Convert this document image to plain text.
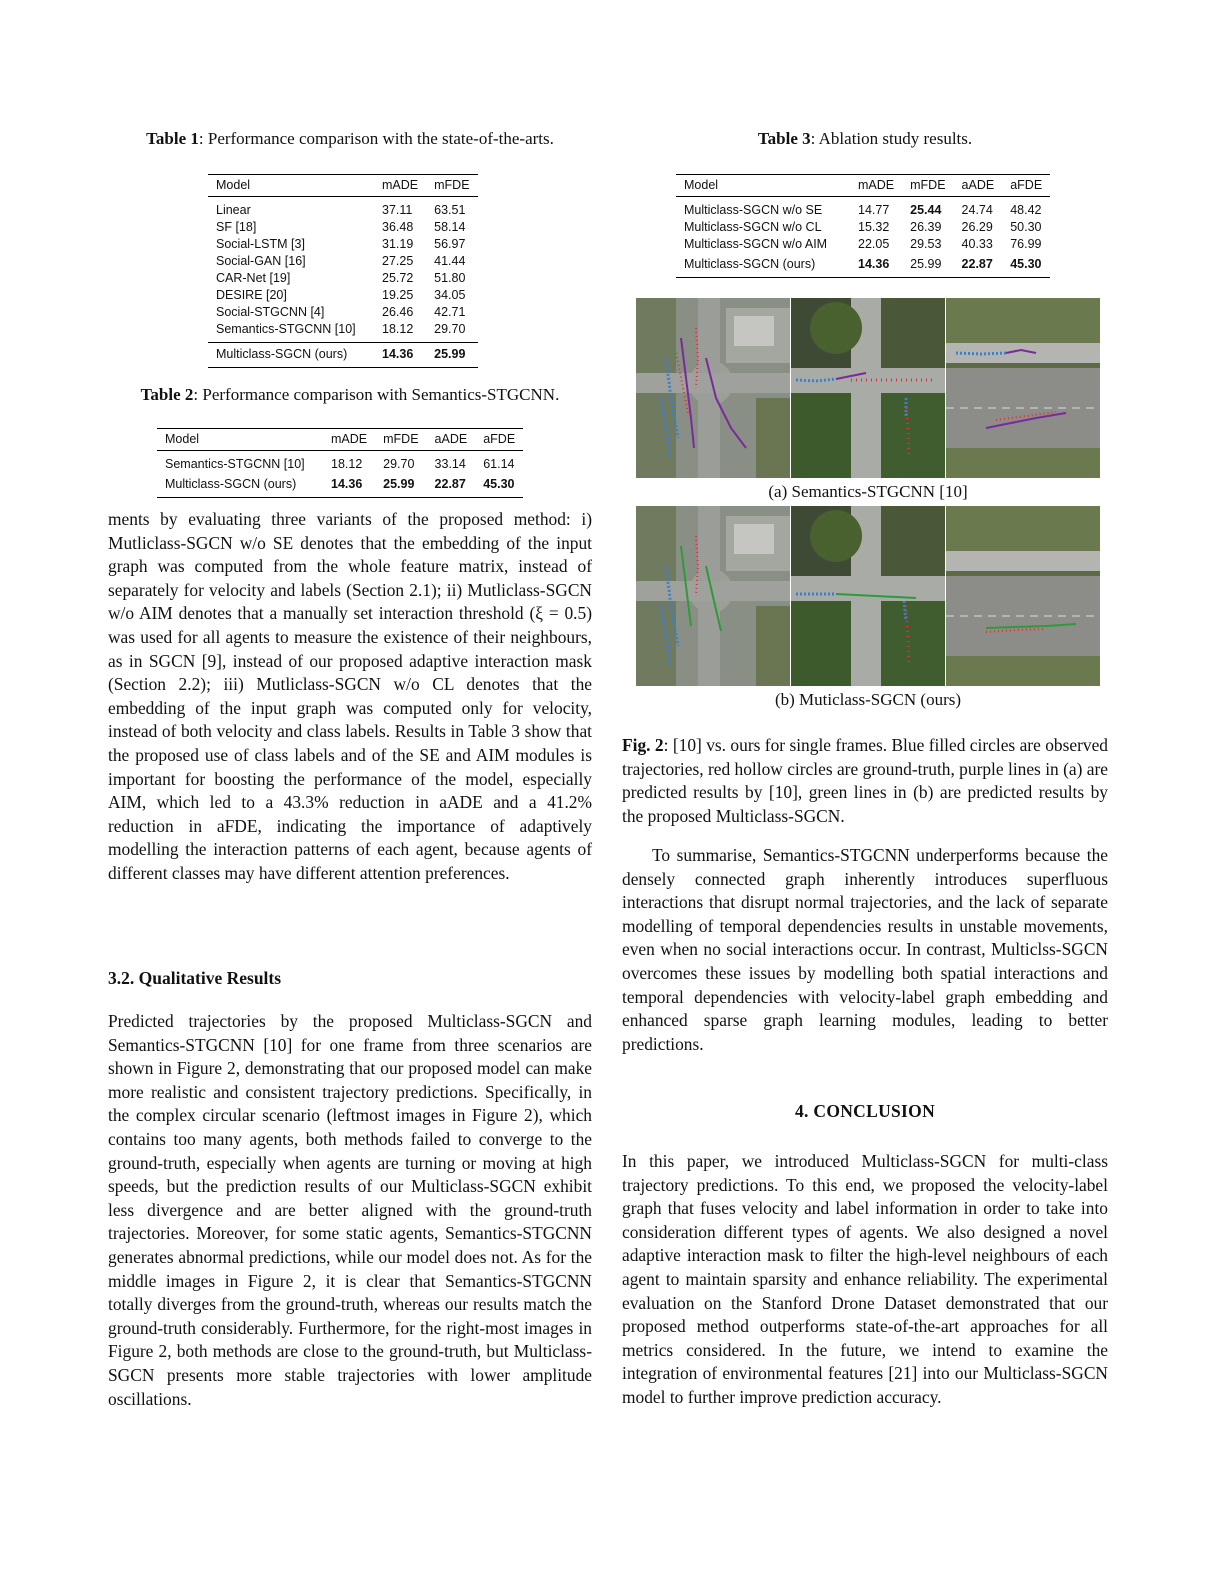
Table 1: Performance comparison with the state-of-the-arts.
Model	mADE	mFDE
Linear	37.11	63.51
SF [18]	36.48	58.14
Social-LSTM [3]	31.19	56.97
Social-GAN [16]	27.25	41.44
CAR-Net [19]	25.72	51.80
DESIRE [20]	19.25	34.05
Social-STGCNN [4]	26.46	42.71
Semantics-STGCNN [10]	18.12	29.70
Multiclass-SGCN (ours)	14.36	25.99
Table 2: Performance comparison with Semantics-STGCNN.
Model	mADE	mFDE	aADE	aFDE
Semantics-STGCNN [10]	18.12	29.70	33.14	61.14
Multiclass-SGCN (ours)	14.36	25.99	22.87	45.30

ments by evaluating three variants of the proposed method: i) Mutliclass-SGCN w/o SE denotes that the embedding of the input graph was computed from the whole feature matrix, instead of separately for velocity and labels (Section 2.1); ii) Mutliclass-SGCN w/o AIM denotes that a manually set interaction threshold (ξ = 0.5) was used for all agents to measure the existence of their neighbours, as in SGCN [9], instead of our proposed adaptive interaction mask (Section 2.2); iii) Mutliclass-SGCN w/o CL denotes that the embedding of the input graph was computed only for velocity, instead of both velocity and class labels. Results in Table 3 show that the proposed use of class labels and of the SE and AIM modules is important for boosting the performance of the model, especially AIM, which led to a 43.3% reduction in aADE and a 41.2% reduction in aFDE, indicating the importance of adaptively modelling the interaction patterns of each agent, because agents of different classes may have different attention preferences.

3.2. Qualitative Results

Predicted trajectories by the proposed Multiclass-SGCN and Semantics-STGCNN [10] for one frame from three scenarios are shown in Figure 2, demonstrating that our proposed model can make more realistic and consistent trajectory predictions. Specifically, in the complex circular scenario (leftmost images in Figure 2), which contains too many agents, both methods failed to converge to the ground-truth, especially when agents are turning or moving at high speeds, but the prediction results of our Multiclass-SGCN exhibit less divergence and are better aligned with the ground-truth trajectories. Moreover, for some static agents, Semantics-STGCNN generates abnormal predictions, while our model does not. As for the middle images in Figure 2, it is clear that Semantics-STGCNN totally diverges from the ground-truth, whereas our results match the ground-truth considerably. Furthermore, for the right-most images in Figure 2, both methods are close to the ground-truth, but Multiclass-SGCN presents more stable trajectories with lower amplitude oscillations.

Table 3: Ablation study results.
Model	mADE	mFDE	aADE	aFDE
Multiclass-SGCN w/o SE	14.77	25.44	24.74	48.42
Multiclass-SGCN w/o CL	15.32	26.39	26.29	50.30
Multiclass-SGCN w/o AIM	22.05	29.53	40.33	76.99
Multiclass-SGCN (ours)	14.36	25.99	22.87	45.30
(a) Semantics-STGCNN [10]
(b) Muticlass-SGCN (ours)

Fig. 2: [10] vs. ours for single frames. Blue filled circles are observed trajectories, red hollow circles are ground-truth, purple lines in (a) are predicted results by [10], green lines in (b) are predicted results by the proposed Multiclass-SGCN.

To summarise, Semantics-STGCNN underperforms because the densely connected graph inherently introduces superfluous interactions that disrupt normal trajectories, and the lack of separate modelling of temporal dependencies results in unstable movements, even when no social interactions occur. In contrast, Multiclss-SGCN overcomes these issues by modelling both spatial interactions and temporal dependencies with velocity-label graph embedding and enhanced sparse graph learning modules, leading to better predictions.

4. CONCLUSION

In this paper, we introduced Multiclass-SGCN for multi-class trajectory predictions. To this end, we proposed the velocity-label graph that fuses velocity and label information in order to take into consideration different types of agents. We also designed a novel adaptive interaction mask to filter the high-level neighbours of each agent to maintain sparsity and enhance reliability. The experimental evaluation on the Stanford Drone Dataset demonstrated that our proposed method outperforms state-of-the-art approaches for all metrics considered. In the future, we intend to examine the integration of environmental features [21] into our Multiclass-SGCN model to further improve prediction accuracy.
